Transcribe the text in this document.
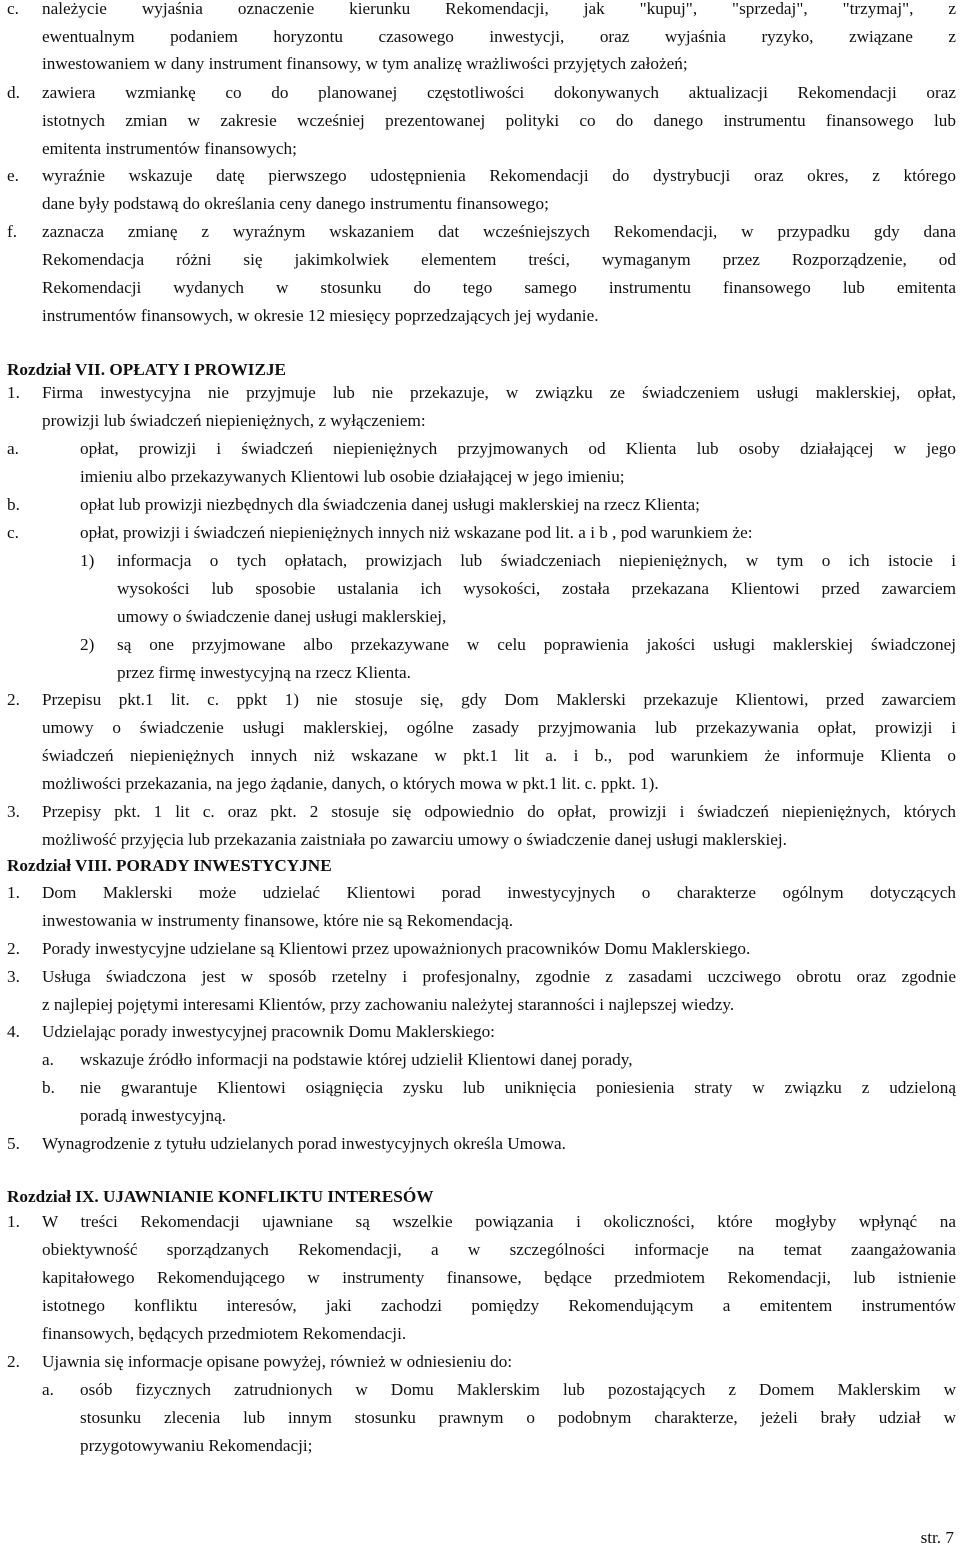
c. należycie wyjaśnia oznaczenie kierunku Rekomendacji, jak "kupuj", "sprzedaj", "trzymaj", z
ewentualnym podaniem horyzontu czasowego inwestycji, oraz wyjaśnia ryzyko, związane z
inwestowaniem w dany instrument finansowy, w tym analizę wrażliwości przyjętych założeń;
d. zawiera wzmiankę co do planowanej częstotliwości dokonywanych aktualizacji Rekomendacji oraz
istotnych zmian w zakresie wcześniej prezentowanej polityki co do danego instrumentu finansowego lub
emitenta instrumentów finansowych;
e. wyraźnie wskazuje datę pierwszego udostępnienia Rekomendacji do dystrybucji oraz okres, z którego
dane były podstawą do określania ceny danego instrumentu finansowego;
f. zaznacza zmianę z wyraźnym wskazaniem dat wcześniejszych Rekomendacji, w przypadku gdy dana
Rekomendacja różni się jakimkolwiek elementem treści, wymaganym przez Rozporządzenie, od
Rekomendacji wydanych w stosunku do tego samego instrumentu finansowego lub emitenta
instrumentów finansowych, w okresie 12 miesięcy poprzedzających jej wydanie.
Rozdział VII. OPŁATY I PROWIZJE
1. Firma inwestycyjna nie przyjmuje lub nie przekazuje, w związku ze świadczeniem usługi maklerskiej, opłat,
prowizji lub świadczeń niepieniężnych, z wyłączeniem:
a.	opłat, prowizji i świadczeń niepieniężnych przyjmowanych od Klienta lub osoby działającej w jego
imieniu albo przekazywanych Klientowi lub osobie działającej w jego imieniu;
b.	opłat lub prowizji niezbędnych dla świadczenia danej usługi maklerskiej na rzecz Klienta;
c.	opłat, prowizji i świadczeń niepieniężnych innych niż wskazane pod lit. a i b , pod warunkiem że:
1) informacja o tych opłatach, prowizjach lub świadczeniach niepieniężnych, w tym o ich istocie i
wysokości lub sposobie ustalania ich wysokości, została przekazana Klientowi przed zawarciem
umowy o świadczenie danej usługi maklerskiej,
2) są one przyjmowane albo przekazywane w celu poprawienia jakości usługi maklerskiej świadczonej
przez firmę inwestycyjną na rzecz Klienta.
2. Przepisu pkt.1 lit. c. ppkt 1) nie stosuje się, gdy Dom Maklerski przekazuje Klientowi, przed zawarciem
umowy o świadczenie usługi maklerskiej, ogólne zasady przyjmowania lub przekazywania opłat, prowizji i
świadczeń niepieniężnych innych niż wskazane w pkt.1 lit a. i b., pod warunkiem że informuje Klienta o
możliwości przekazania, na jego żądanie, danych, o których mowa w pkt.1 lit. c. ppkt. 1).
3. Przepisy pkt. 1 lit c. oraz pkt. 2 stosuje się odpowiednio do opłat, prowizji i świadczeń niepieniężnych, których
możliwość przyjęcia lub przekazania zaistniała po zawarciu umowy o świadczenie danej usługi maklerskiej.
Rozdział VIII. PORADY INWESTYCYJNE
1. Dom Maklerski może udzielać Klientowi porad inwestycyjnych o charakterze ogólnym dotyczących
inwestowania w instrumenty finansowe, które nie są Rekomendacją.
2. Porady inwestycyjne udzielane są Klientowi przez upoważnionych pracowników Domu Maklerskiego.
3. Usługa świadczona jest w sposób rzetelny i profesjonalny, zgodnie z zasadami uczciwego obrotu oraz zgodnie
z najlepiej pojętymi interesami Klientów, przy zachowaniu należytej staranności i najlepszej wiedzy.
4. Udzielając porady inwestycyjnej pracownik Domu Maklerskiego:
a. wskazuje źródło informacji na podstawie której udzielił Klientowi danej porady,
b. nie gwarantuje Klientowi osiągnięcia zysku lub uniknięcia poniesienia straty w związku z udzieloną
poradą inwestycyjną.
5. Wynagrodzenie z tytułu udzielanych porad inwestycyjnych określa Umowa.
Rozdział IX. UJAWNIANIE KONFLIKTU INTERESÓW
1. W treści Rekomendacji ujawniane są wszelkie powiązania i okoliczności, które mogłyby wpłynąć na
obiektywność sporządzanych Rekomendacji, a w szczególności informacje na temat zaangażowania
kapitałowego Rekomendującego w instrumenty finansowe, będące przedmiotem Rekomendacji, lub istnienie
istotnego konfliktu interesów, jaki zachodzi pomiędzy Rekomendującym a emitentem instrumentów
finansowych, będących przedmiotem Rekomendacji.
2. Ujawnia się informacje opisane powyżej, również w odniesieniu do:
a. osób fizycznych zatrudnionych w Domu Maklerskim lub pozostających z Domem Maklerskim w
stosunku zlecenia lub innym stosunku prawnym o podobnym charakterze, jeżeli brały udział w
przygotowywaniu Rekomendacji;
str. 7
